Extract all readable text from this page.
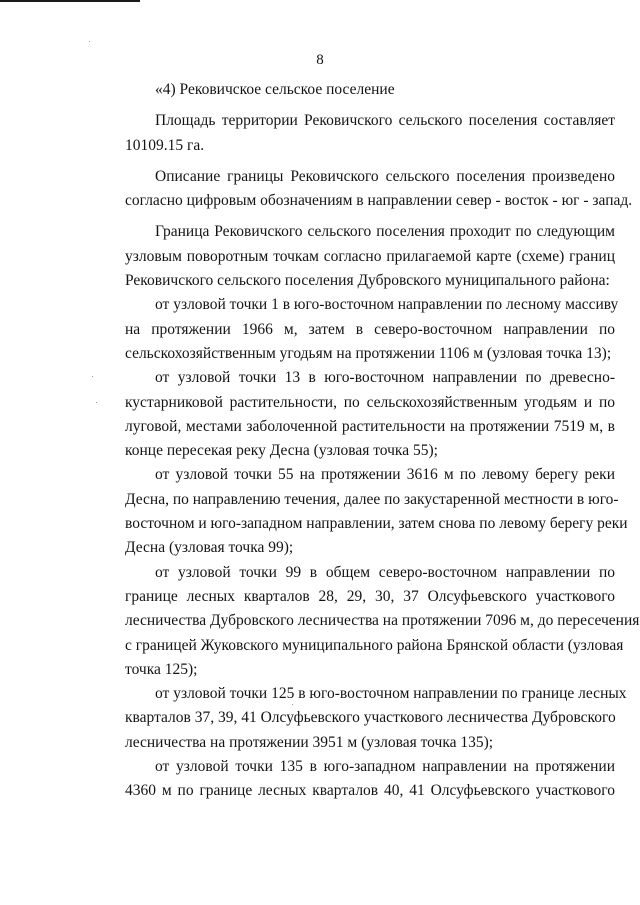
8
«4) Рековичское сельское поселение
Площадь территории Рековичского сельского поселения составляет
10109.15 га.
Описание границы Рековичского сельского поселения произведено
согласно цифровым обозначениям в направлении север - восток - юг - запад.
Граница Рековичского сельского поселения проходит по следующим
узловым поворотным точкам согласно прилагаемой карте (схеме) границ
Рековичского сельского поселения Дубровского муниципального района:
от узловой точки 1 в юго-восточном направлении по лесному массиву
на протяжении 1966 м, затем в северо-восточном направлении по
сельскохозяйственным угодьям на протяжении 1106 м (узловая точка 13);
от узловой точки 13 в юго-восточном направлении по древесно-
кустарниковой растительности, по сельскохозяйственным угодьям и по
луговой, местами заболоченной растительности на протяжении 7519 м, в
конце пересекая реку Десна (узловая точка 55);
от узловой точки 55 на протяжении 3616 м по левому берегу реки
Десна, по направлению течения, далее по закустаренной местности в юго-
восточном и юго-западном направлении, затем снова по левому берегу реки
Десна (узловая точка 99);
от узловой точки 99 в общем северо-восточном направлении по
границе лесных кварталов 28, 29, 30, 37 Олсуфьевского участкового
лесничества Дубровского лесничества на протяжении 7096 м, до пересечения
с границей Жуковского муниципального района Брянской области (узловая
точка 125);
от узловой точки 125 в юго-восточном направлении по границе лесных
кварталов 37, 39, 41 Олсуфьевского участкового лесничества Дубровского
лесничества на протяжении 3951 м (узловая точка 135);
от узловой точки 135 в юго-западном направлении на протяжении
4360 м по границе лесных кварталов 40, 41 Олсуфьевского участкового
